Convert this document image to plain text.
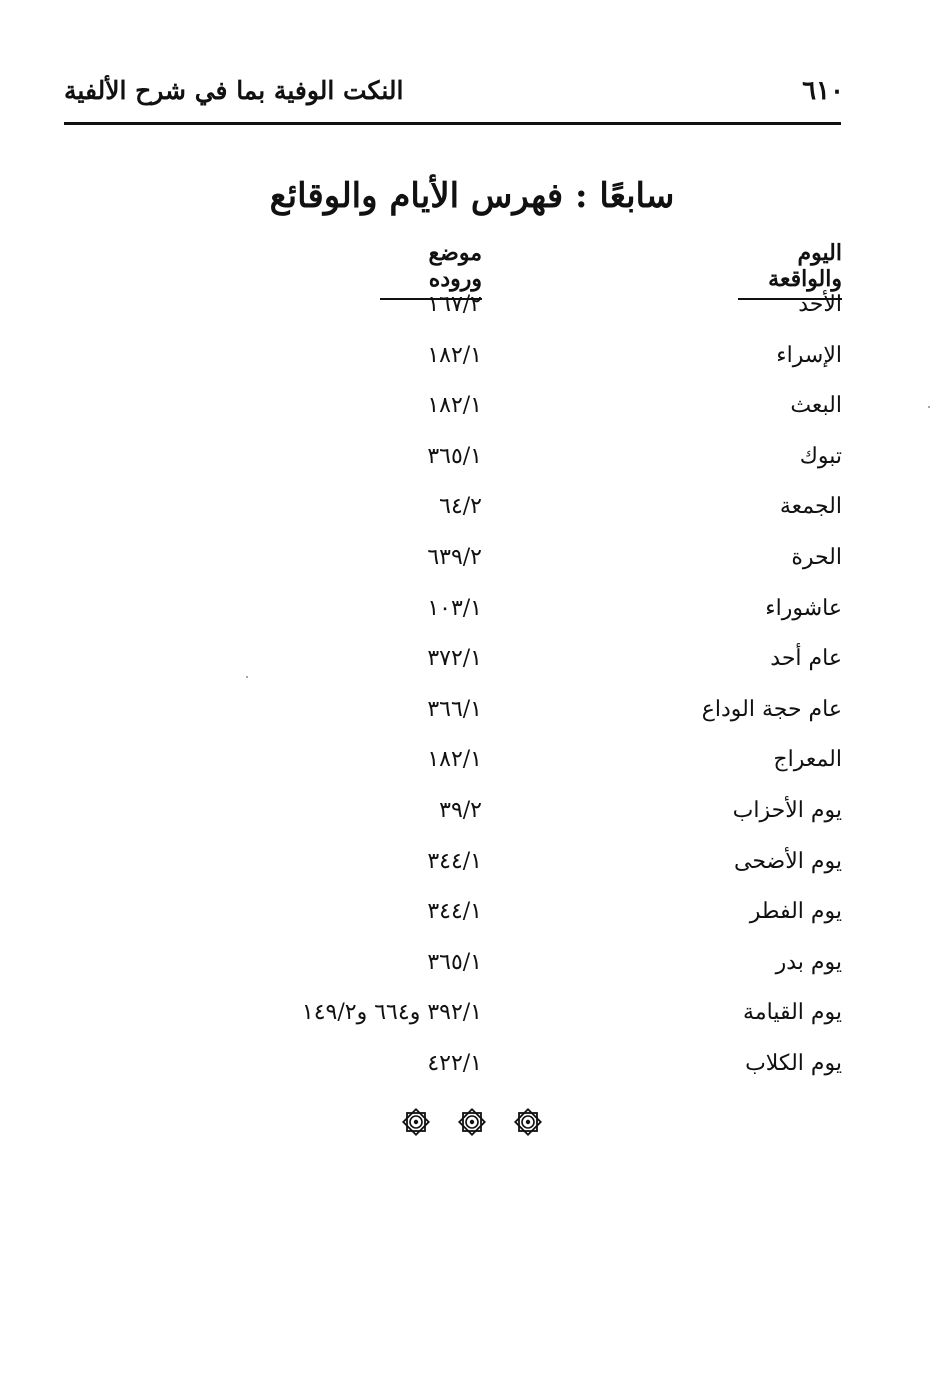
٦١٠
النكت الوفية بما في شرح الألفية
سابعًا : فهرس الأيام والوقائع
اليوم والواقعة
موضع وروده
الأحد
١٦٧/٢
الإسراء
١٨٢/١
البعث
١٨٢/١
تبوك
٣٦٥/١
الجمعة
٦٤/٢
الحرة
٦٣٩/٢
عاشوراء
١٠٣/١
عام أحد
٣٧٢/١
عام حجة الوداع
٣٦٦/١
المعراج
١٨٢/١
يوم الأحزاب
٣٩/٢
يوم الأضحى
٣٤٤/١
يوم الفطر
٣٤٤/١
يوم بدر
٣٦٥/١
يوم القيامة
٣٩٢/١ و٦٦٤ و١٤٩/٢
يوم الكلاب
٤٢٢/١
